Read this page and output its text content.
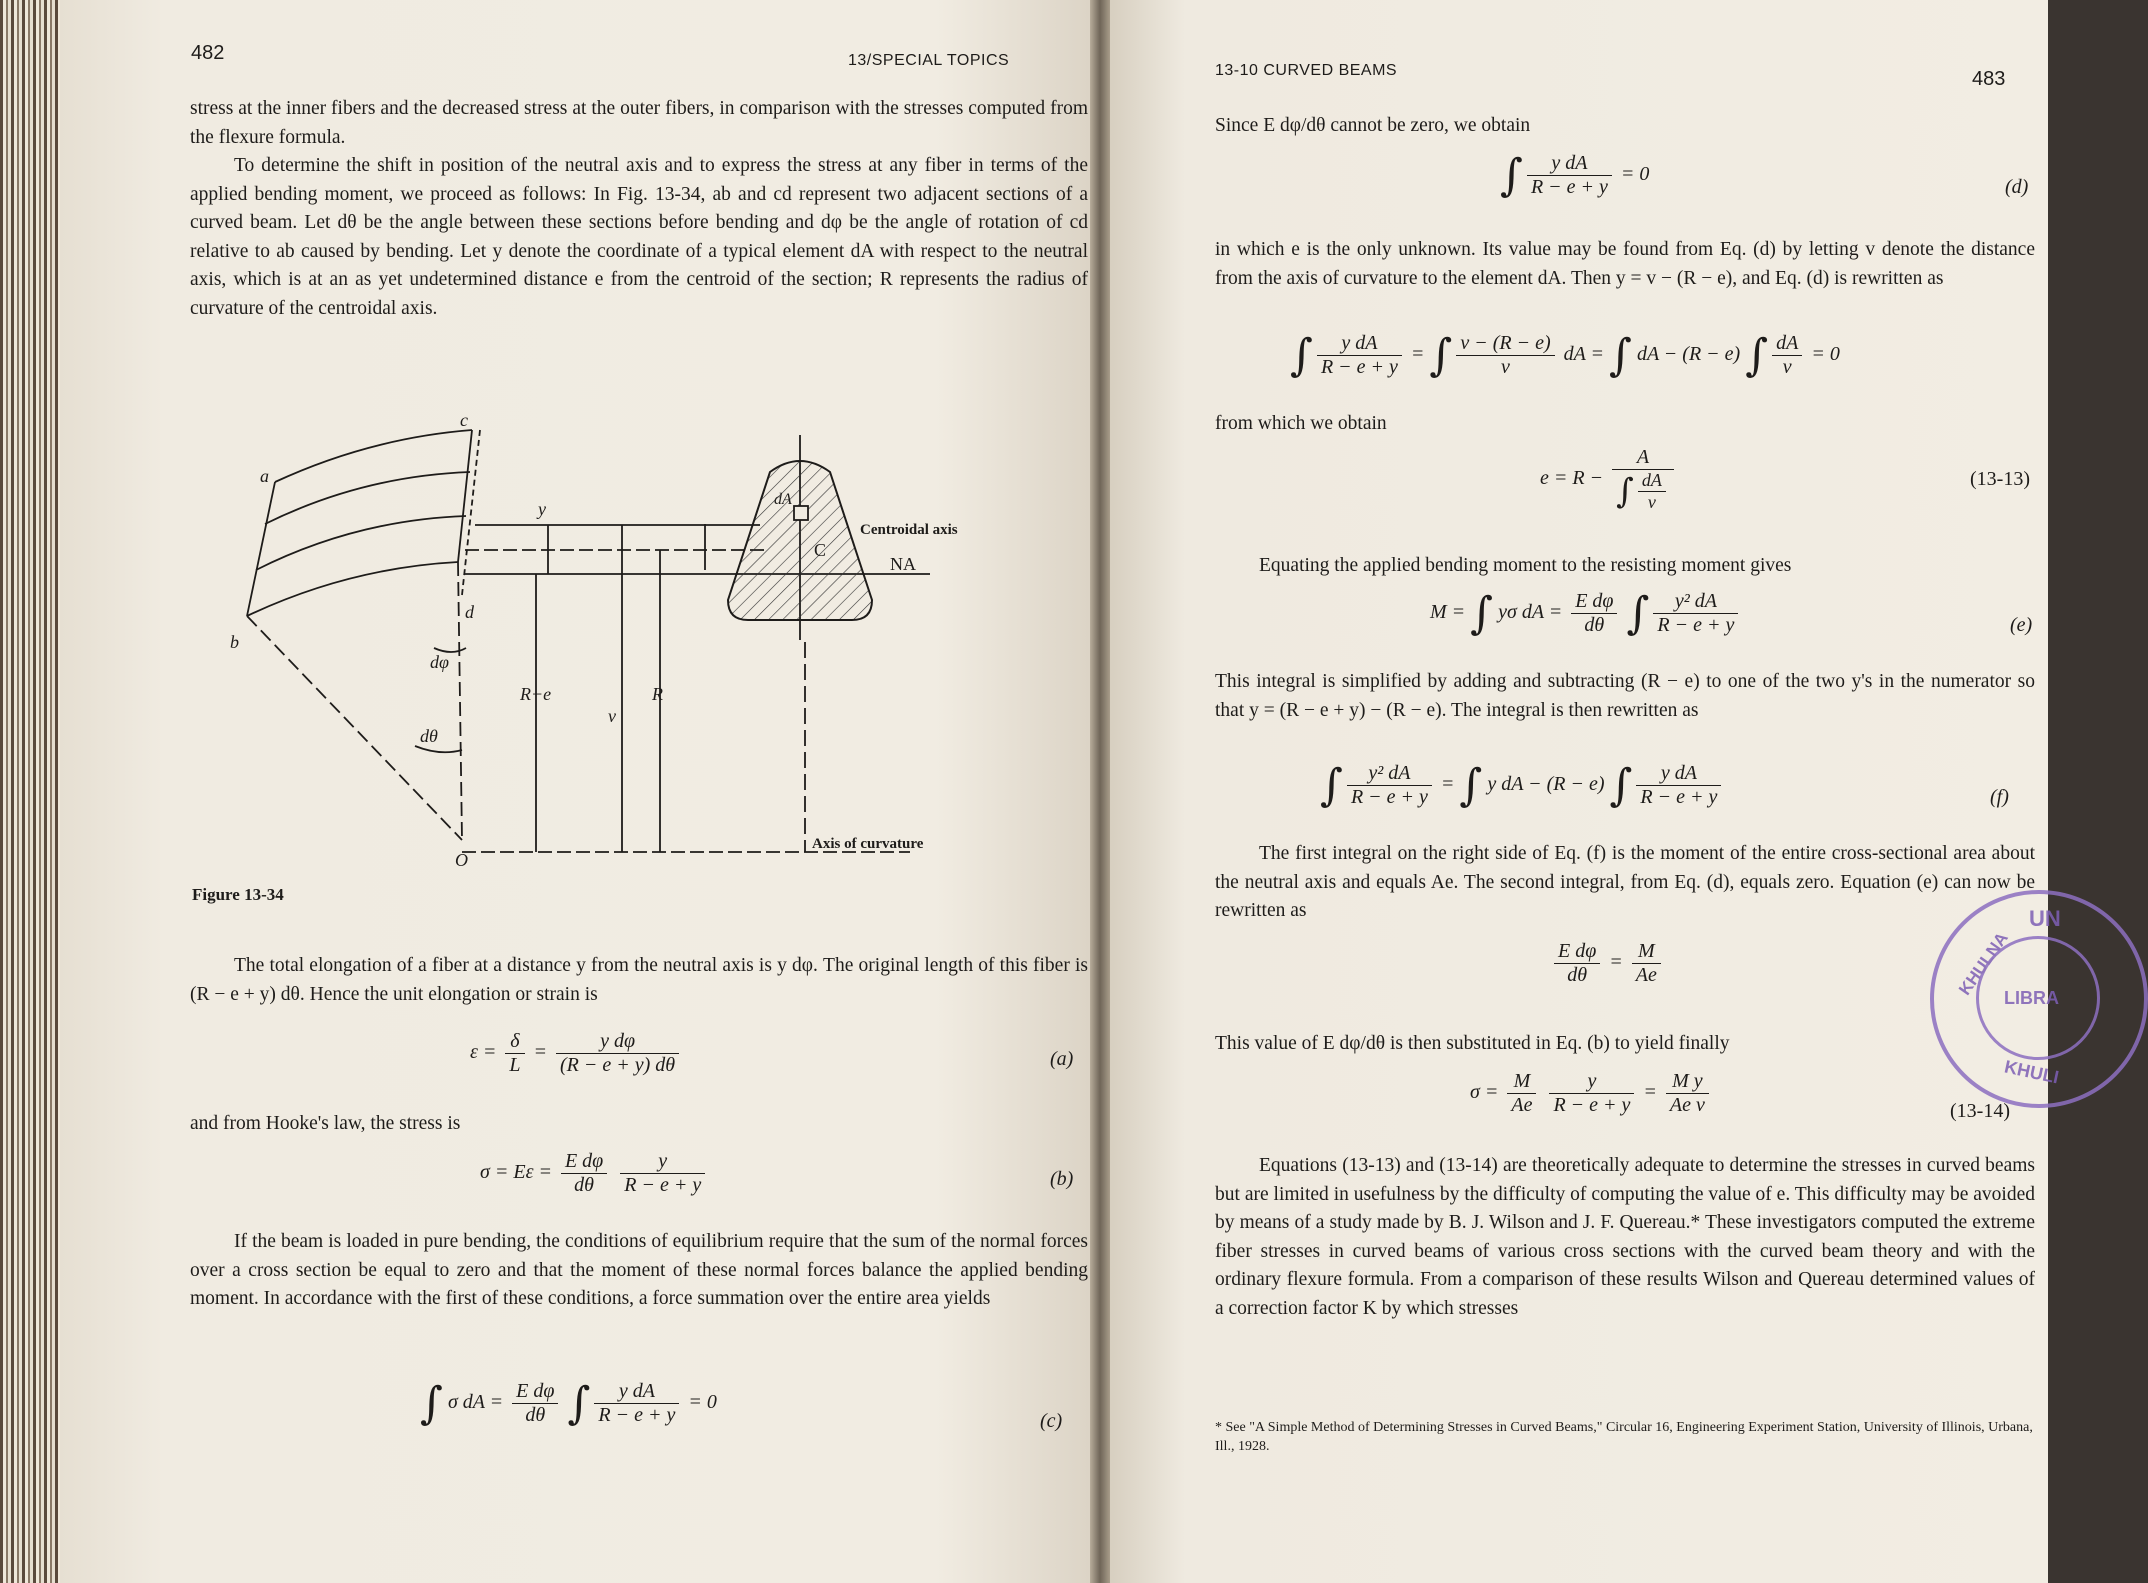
482	13/SPECIAL TOPICS
stress at the inner fibers and the decreased stress at the outer fibers, in comparison with the stresses computed from the flexure formula.
To determine the shift in position of the neutral axis and to express the stress at any fiber in terms of the applied bending moment, we proceed as follows: In Fig. 13-34, ab and cd represent two adjacent sections of a curved beam. Let dθ be the angle between these sections before bending and dφ be the angle of rotation of cd relative to ab caused by bending. Let y denote the coordinate of a typical element dA with respect to the neutral axis, which is at an as yet undetermined distance e from the centroid of the section; R represents the radius of curvature of the centroidal axis.
a
c
d
b
O
y
dφ
dθ
R−e
v
R
dA
C
Centroidal axis
NA
Axis of curvature
Figure 13-34
The total elongation of a fiber at a distance y from the neutral axis is y dφ. The original length of this fiber is (R − e + y) dθ. Hence the unit elongation or strain is
$\varepsilon = \frac{\delta}{L} = \frac{\text{y dφ}}{(R - e + y) d\theta}$	(a)
and from Hooke's law, the stress is
$\sigma = E\varepsilon = \frac{\text{E dφ}}{d\theta}$
$\frac{y}{R - e + y}$	(b)
If the beam is loaded in pure bending, the conditions of equilibrium require that the sum of the normal forces over a cross section be equal to zero and that the moment of these normal forces balance the applied bending moment. In accordance with the first of these conditions, a force summation over the entire area yields
∫ σ dA = $\frac{\text{E dφ}}{d\theta}$ ∫ $\frac{\text{y dA}}{R - e + y} = 0$
(c)
13-10 CURVED BEAMS	483
Since E dφ/dθ cannot be zero, we obtain
∫ $\frac{\text{y dA}}{R - e + y} = 0$
(d)
in which e is the only unknown. Its value may be found from Eq. (d) by letting v denote the distance from the axis of curvature to the element dA. Then y = v − (R − e), and Eq. (d) is rewritten as
∫ $\frac{\text{y dA}}{R - e + y}$ = ∫ $\frac{v - (R - e)}{v}$ dA = ∫ dA − (R − e) ∫ $\frac{dA}{v} = 0$
from which we obtain
$e = R - \frac{A}{\int \frac{dA}{v}}$	(13-13)
Equating the applied bending moment to the resisting moment gives
M = ∫ yσ dA = $\frac{\text{E dφ}}{d\theta}$ ∫ $\frac{\text{y² dA}}{R - e + y}$	(e)
This integral is simplified by adding and subtracting (R − e) to one of the two y's in the numerator so that y = (R − e + y) − (R − e). The integral is then rewritten as
∫ $\frac{\text{y² dA}}{R - e + y}$ = ∫ y dA − (R − e) ∫ $\frac{\text{y dA}}{R - e + y}$	(f)
The first integral on the right side of Eq. (f) is the moment of the entire cross-sectional area about the neutral axis and equals Ae. The second integral, from Eq. (d), equals zero. Equation (e) can now be rewritten as
$\frac{\text{E dφ}}{d\theta} = \frac{M}{Ae}$
This value of E dφ/dθ is then substituted in Eq. (b) to yield finally
$\sigma = \frac{M}{Ae}$
$\frac{y}{R - e + y} = \frac{\text{M y}}{\text{Ae v}}$	(13-14)
Equations (13-13) and (13-14) are theoretically adequate to determine the stresses in curved beams but are limited in usefulness by the difficulty of computing the value of e. This difficulty may be avoided by means of a study made by B. J. Wilson and J. F. Quereau.* These investigators computed the extreme fiber stresses in curved beams of various cross sections with the curved beam theory and with the ordinary flexure formula. From a comparison of these results Wilson and Quereau determined values of a correction factor K by which stresses
* See "A Simple Method of Determining Stresses in Curved Beams," Circular 16, Engineering Experiment Station, University of Illinois, Urbana, Ill., 1928.
UN
KHULNA
LIBRA
KHULI
